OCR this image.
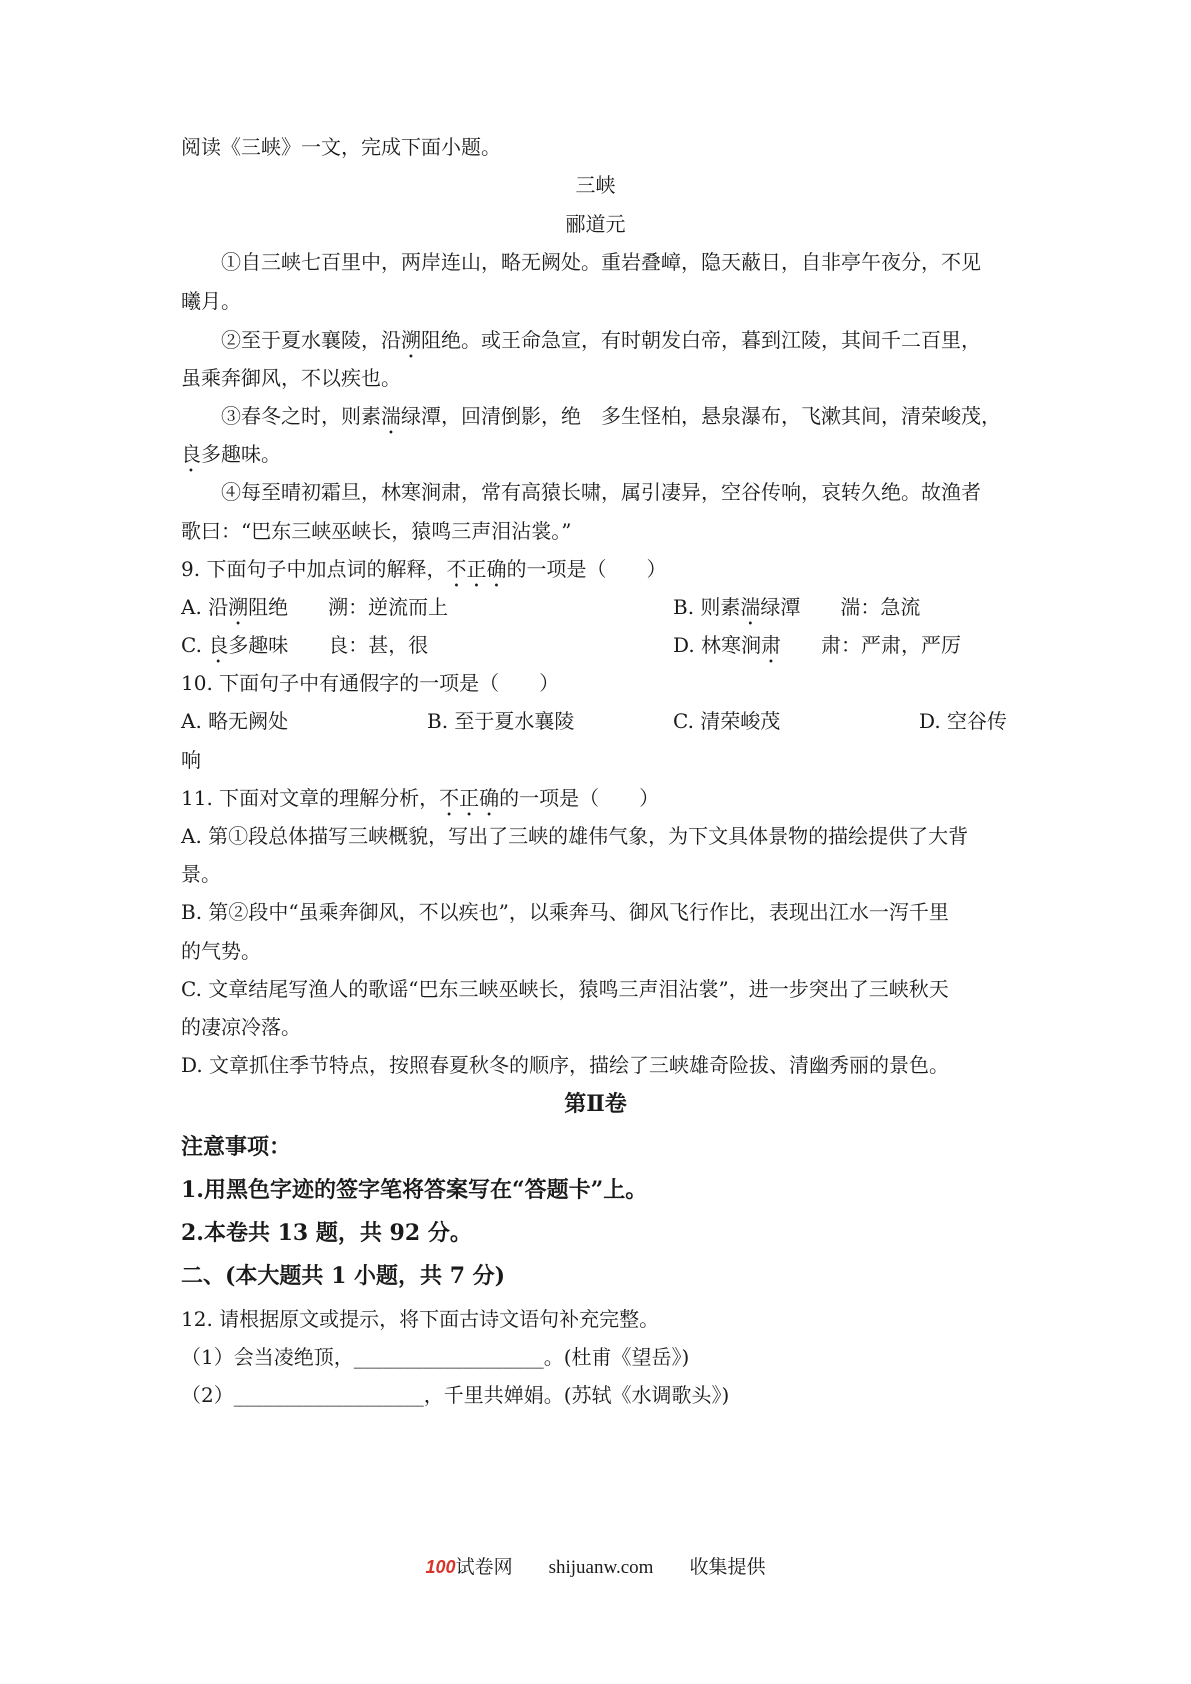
阅读《三峡》一文，完成下面小题。
三峡
郦道元
①自三峡七百里中，两岸连山，略无阙处。重岩叠嶂，隐天蔽日，自非亭午夜分，不见
曦月。
②至于夏水襄陵，沿溯阻绝。或王命急宣，有时朝发白帝，暮到江陵，其间千二百里，
虽乘奔御风，不以疾也。
③春冬之时，则素湍绿潭，回清倒影，绝　多生怪柏，悬泉瀑布，飞漱其间，清荣峻茂，
良多趣味。
④每至晴初霜旦，林寒涧肃，常有高猿长啸，属引凄异，空谷传响，哀转久绝。故渔者
歌曰：“巴东三峡巫峡长，猿鸣三声泪沾裳。”
9. 下面句子中加点词的解释，不正确的一项是（　　）
A. 沿溯阻绝　　溯：逆流而上	B. 则素湍绿潭　　湍：急流
C. 良多趣味　　良：甚，很	D. 林寒涧肃　　肃：严肃，严厉
10. 下面句子中有通假字的一项是（　　）
A. 略无阙处	B. 至于夏水襄陵	C. 清荣峻茂	D. 空谷传
响
11. 下面对文章的理解分析，不正确的一项是（　　）
A. 第①段总体描写三峡概貌，写出了三峡的雄伟气象，为下文具体景物的描绘提供了大背
景。
B. 第②段中“虽乘奔御风，不以疾也”，以乘奔马、御风飞行作比，表现出江水一泻千里
的气势。
C. 文章结尾写渔人的歌谣“巴东三峡巫峡长，猿鸣三声泪沾裳”，进一步突出了三峡秋天
的凄凉冷落。
D. 文章抓住季节特点，按照春夏秋冬的顺序，描绘了三峡雄奇险拔、清幽秀丽的景色。
第Ⅱ卷
注意事项：
1.用黑色字迹的签字笔将答案写在“答题卡”上。
2.本卷共 13 题，共 92 分。
二、(本大题共 1 小题，共 7 分)
12. 请根据原文或提示，将下面古诗文语句补充完整。
（1）会当凌绝顶，___________________。(杜甫《望岳》)
（2）___________________，千里共婵娟。(苏轼《水调歌头》)
100试卷网 shijuanw.com 收集提供
